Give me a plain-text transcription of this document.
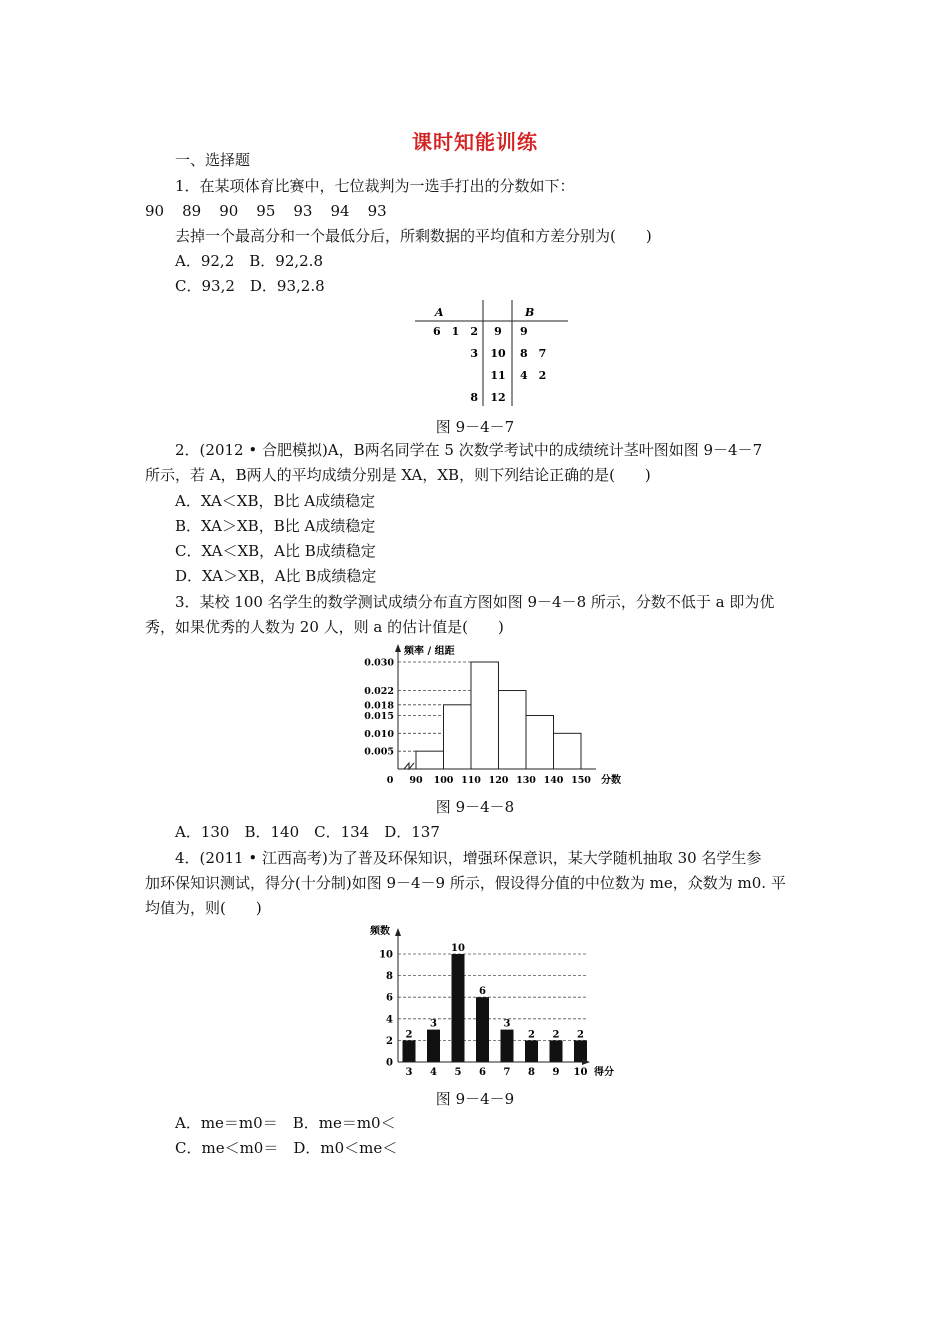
课时知能训练
一、选择题
1．在某项体育比赛中，七位裁判为一选手打出的分数如下：
90 89 90 95 93 94 93
去掉一个最高分和一个最低分后，所剩数据的平均值和方差分别为(　　)
A．92,2　 B．92,2.8
C．93,2　 D．93,2.8
A	B
6　1　2 9 9
3 10 8　7
11 4　2
8 12
图 9－4－7
2．(2012 • 合肥模拟)A，B两名同学在 5 次数学考试中的成绩统计茎叶图如图 9－4－7
所示，若 A，B两人的平均成绩分别是 XA，XB，则下列结论正确的是(　　)
A．XA＜XB，B比 A成绩稳定
B．XA＞XB，B比 A成绩稳定
C．XA＜XB，A比 B成绩稳定
D．XA＞XB，A比 B成绩稳定
3．某校 100 名学生的数学测试成绩分布直方图如图 9－4－8 所示，分数不低于 a 即为优
秀，如果优秀的人数为 20 人，则 a 的估计值是(　　)
0.030
0.022
0.018
0.015
0.010
0.005
0 90 100 110 120 130 140 150
频率 / 组距
分数
图 9－4－8
A．130　B．140　C．134　D．137
4．(2011 • 江西高考)为了普及环保知识，增强环保意识，某大学随机抽取 30 名学生参
加环保知识测试，得分(十分制)如图 9－4－9 所示，假设得分值的中位数为 me，众数为 m0. 平
均值为，则(　　)
2
3
3
4
10
5
6
6
3
7
2
8
2
9
2
10
0
2
4
6
8
10
频数
得分
图 9－4－9
A．me＝m0＝　B．me＝m0＜
C．me＜m0＝　D．m0＜me＜
